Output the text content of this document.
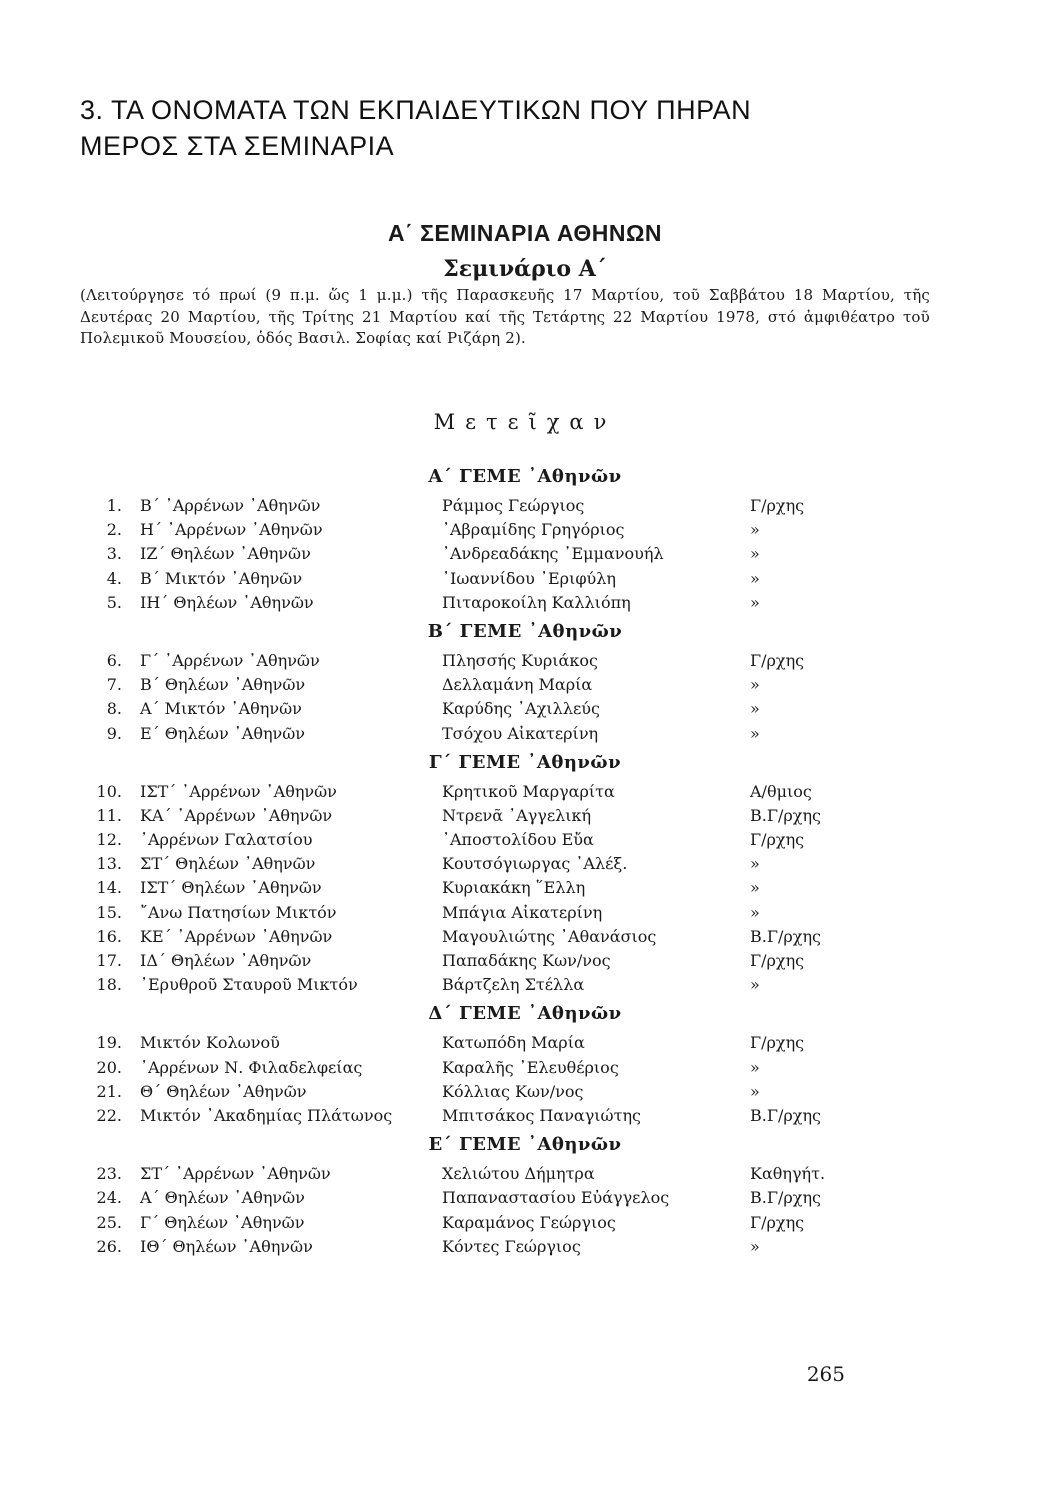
3. ΤΑ ΟΝΟΜΑΤΑ ΤΩΝ ΕΚΠΑΙΔΕΥΤΙΚΩΝ ΠΟΥ ΠΗΡΑΝ
ΜΕΡΟΣ ΣΤΑ ΣΕΜΙΝΑΡΙΑ
Α΄ ΣΕΜΙΝΑΡΙΑ ΑΘΗΝΩΝ
Σεμινάριο Α΄
(Λειτούργησε τό πρωί (9 π.μ. ὥς 1 μ.μ.) τῆς Παρασκευῆς 17 Μαρτίου, τοῦ Σαββάτου 18 Μαρτίου, τῆς Δευτέρας 20 Μαρτίου, τῆς Τρίτης 21 Μαρτίου καί τῆς Τετάρτης 22 Μαρτίου 1978, στό ἀμφιθέατρο τοῦ Πολεμικοῦ Μουσείου, ὁδός Βασιλ. Σοφίας καί Ριζάρη 2).
Μετεῖχαν
Α΄ ΓΕΜΕ ᾿Αθηνῶν
1. Β΄ ᾿Αρρένων ᾿Αθηνῶν	Ράμμος Γεώργιος	Γ/ρχης
2. Η΄ ᾿Αρρένων ᾿Αθηνῶν	᾿Αβραμίδης Γρηγόριος	»
3. ΙΖ΄ Θηλέων ᾿Αθηνῶν	᾿Ανδρεαδάκης ᾿Εμμανουήλ	»
4. Β΄ Μικτόν ᾿Αθηνῶν	᾿Ιωαννίδου ᾿Εριφύλη	»
5. ΙΗ΄ Θηλέων ᾿Αθηνῶν	Πιταροκοίλη Καλλιόπη	»
Β΄ ΓΕΜΕ ᾿Αθηνῶν
6. Γ΄ ᾿Αρρένων ᾿Αθηνῶν	Πλησσής Κυριάκος	Γ/ρχης
7. Β΄ Θηλέων ᾿Αθηνῶν	Δελλαμάνη Μαρία	»
8. Α΄ Μικτόν ᾿Αθηνῶν	Καρύδης ᾿Αχιλλεύς	»
9. Ε΄ Θηλέων ᾿Αθηνῶν	Τσόχου Αἰκατερίνη	»
Γ΄ ΓΕΜΕ ᾿Αθηνῶν
10. ΙΣΤ΄ ᾿Αρρένων ᾿Αθηνῶν	Κρητικοῦ Μαργαρίτα	Α/θμιος
11. ΚΑ΄ ᾿Αρρένων ᾿Αθηνῶν	Ντρενᾶ ᾿Αγγελική	Β.Γ/ρχης
12. ᾿Αρρένων Γαλατσίου	᾿Αποστολίδου Εὔα	Γ/ρχης
13. ΣΤ΄ Θηλέων ᾿Αθηνῶν	Κουτσόγιωργας ᾿Αλέξ.	»
14. ΙΣΤ΄ Θηλέων ᾿Αθηνῶν	Κυριακάκη ῞Ελλη	»
15. ῎Ανω Πατησίων Μικτόν	Μπάγια Αἰκατερίνη	»
16. ΚΕ΄ ᾿Αρρένων ᾿Αθηνῶν	Μαγουλιώτης ᾿Αθανάσιος	Β.Γ/ρχης
17. ΙΔ΄ Θηλέων ᾿Αθηνῶν	Παπαδάκης Κων/νος	Γ/ρχης
18. ᾿Ερυθροῦ Σταυροῦ Μικτόν	Βάρτζελη Στέλλα	»
Δ΄ ΓΕΜΕ ᾿Αθηνῶν
19. Μικτόν Κολωνοῦ	Κατωπόδη Μαρία	Γ/ρχης
20. ᾿Αρρένων Ν. Φιλαδελφείας	Καραλῆς ᾿Ελευθέριος	»
21. Θ΄ Θηλέων ᾿Αθηνῶν	Κόλλιας Κων/νος	»
22. Μικτόν ᾿Ακαδημίας Πλάτωνος	Μπιτσάκος Παναγιώτης	Β.Γ/ρχης
Ε΄ ΓΕΜΕ ᾿Αθηνῶν
23. ΣΤ΄ ᾿Αρρένων ᾿Αθηνῶν	Χελιώτου Δήμητρα	Καθηγήτ.
24. Α΄ Θηλέων ᾿Αθηνῶν	Παπαναστασίου Εὐάγγελος	Β.Γ/ρχης
25. Γ΄ Θηλέων ᾿Αθηνῶν	Καραμάνος Γεώργιος	Γ/ρχης
26. ΙΘ΄ Θηλέων ᾿Αθηνῶν	Κόντες Γεώργιος	»
265
